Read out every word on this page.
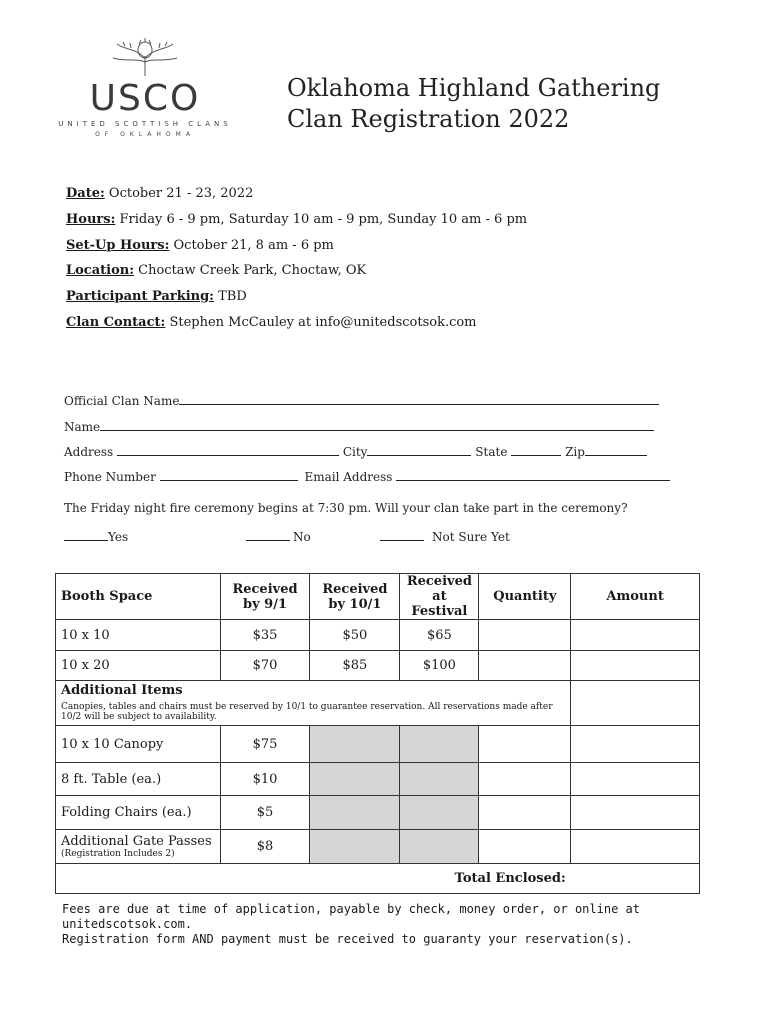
USCO
UNITED SCOTTISH CLANS
OF OKLAHOMA
Oklahoma Highland Gathering
Clan Registration 2022
Date: October 21 - 23, 2022
Hours: Friday 6 - 9 pm, Saturday 10 am - 9 pm, Sunday 10 am - 6 pm
Set-Up Hours: October 21, 8 am - 6 pm
Location: Choctaw Creek Park, Choctaw, OK
Participant Parking: TBD
Clan Contact: Stephen McCauley at info@unitedscotsok.com
Official Clan Name
Name
Address	City	State	Zip
Phone Number	Email Address
The Friday night fire ceremony begins at 7:30 pm. Will your clan take part in the ceremony?
Yes	No	Not Sure Yet
Booth Space	Received by 9/1	Received by 10/1	Received at Festival	Quantity	Amount
10 x 10	$35	$50	$65		
10 x 20	$70	$85	$100		

Additional Items
Canopies, tables and chairs must be reserved by 10/1 to guarantee reservation. All reservations made after 10/2 will be subject to availability.					

10 x 10 Canopy	$75				
8 ft. Table (ea.)	$10				
Folding Chairs (ea.)	$5				

Additional Gate Passes
(Registration Includes 2)	$8				
Total Enclosed:					
Fees are due at time of application, payable by check, money order, or online at unitedscotsok.com.
Registration form AND payment must be received to guaranty your reservation(s).
